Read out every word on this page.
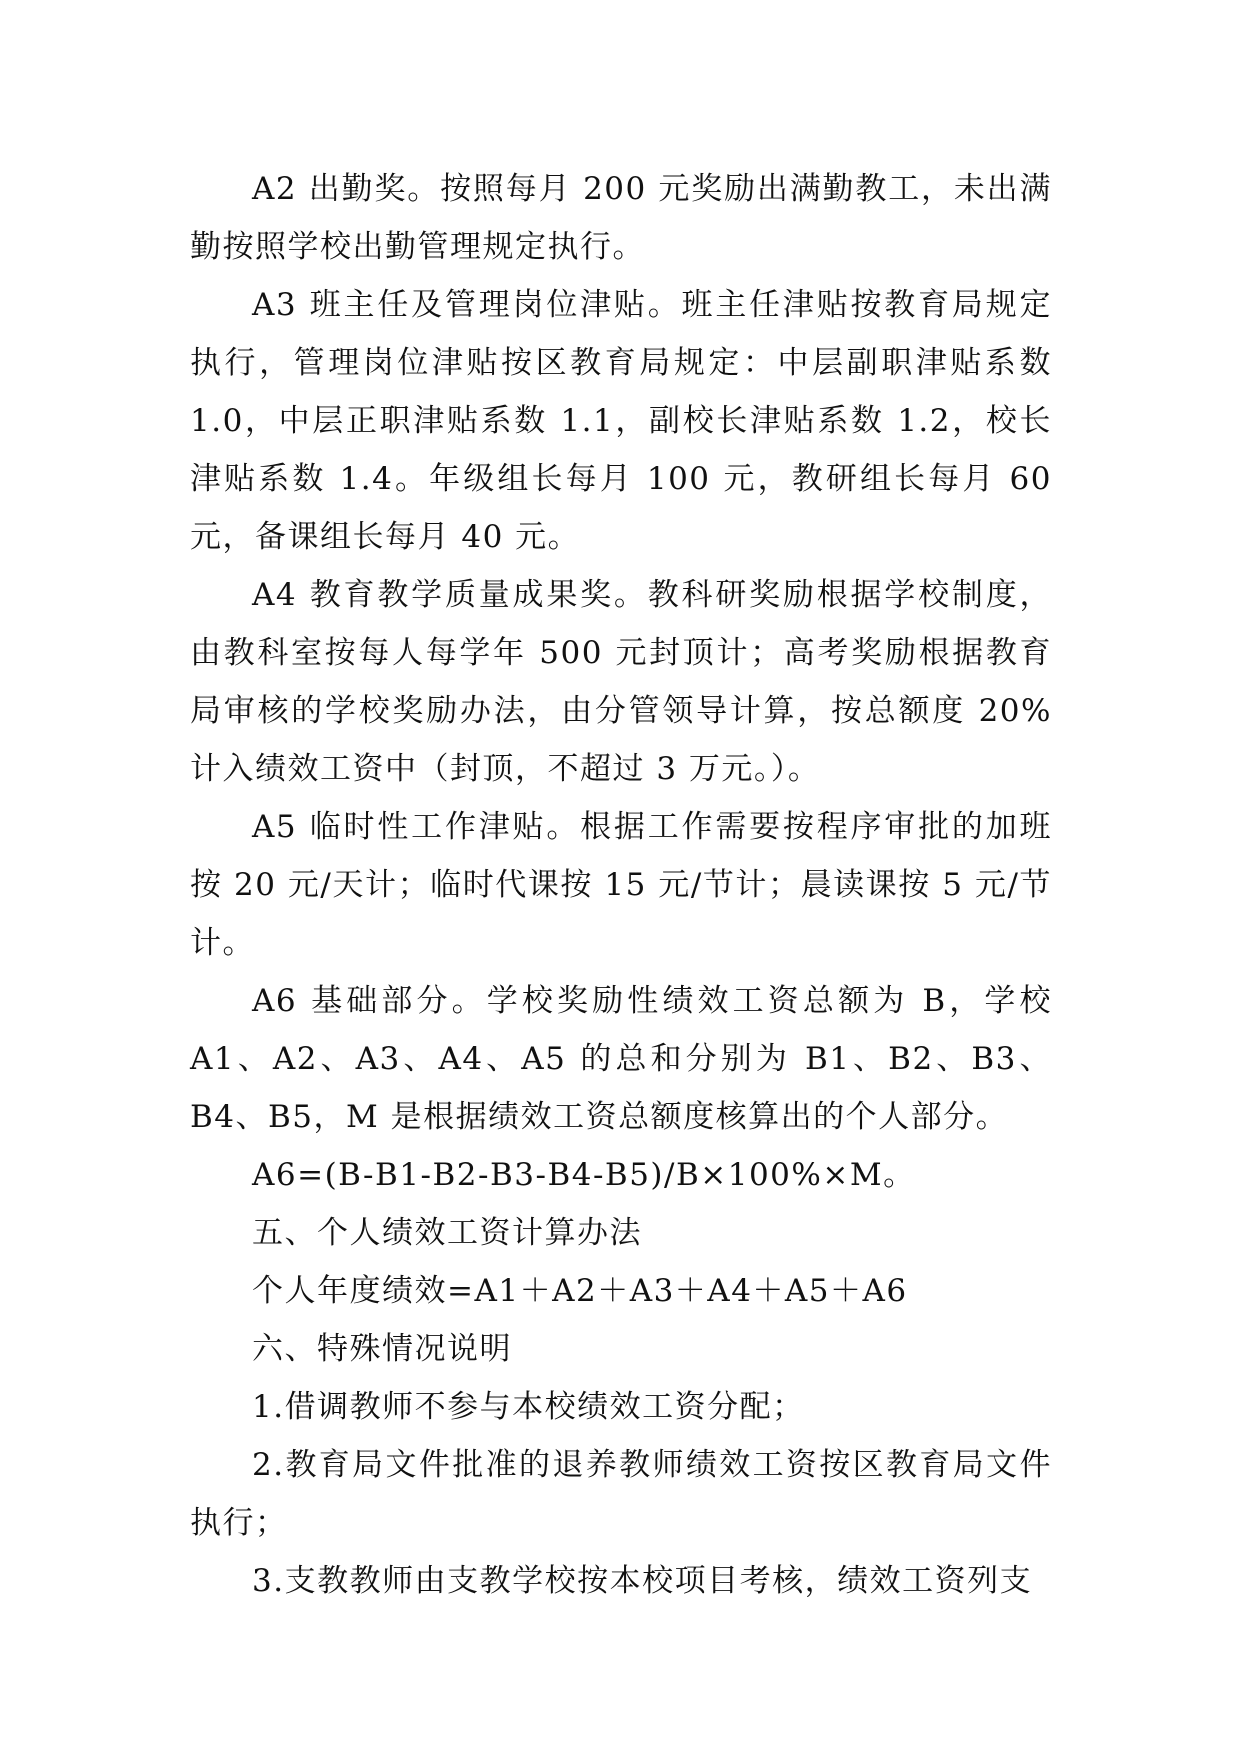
A2 出勤奖。按照每月 200 元奖励出满勤教工，未出满勤按照学校出勤管理规定执行。

A3 班主任及管理岗位津贴。班主任津贴按教育局规定执行，管理岗位津贴按区教育局规定：中层副职津贴系数 1.0，中层正职津贴系数 1.1，副校长津贴系数 1.2，校长津贴系数 1.4。年级组长每月 100 元，教研组长每月 60 元，备课组长每月 40 元。

A4 教育教学质量成果奖。教科研奖励根据学校制度，由教科室按每人每学年 500 元封顶计；高考奖励根据教育局审核的学校奖励办法，由分管领导计算，按总额度 20%计入绩效工资中（封顶，不超过 3 万元。）。

A5 临时性工作津贴。根据工作需要按程序审批的加班按 20 元/天计；临时代课按 15 元/节计；晨读课按 5 元/节计。

A6 基础部分。学校奖励性绩效工资总额为 B，学校 A1、A2、A3、A4、A5 的总和分别为 B1、B2、B3、B4、B5，M 是根据绩效工资总额度核算出的个人部分。

A6=(B-B1-B2-B3-B4-B5)/B×100%×M。

五、个人绩效工资计算办法

个人年度绩效=A1＋A2＋A3＋A4＋A5＋A6

六、特殊情况说明

1.借调教师不参与本校绩效工资分配；

2.教育局文件批准的退养教师绩效工资按区教育局文件执行；

3.支教教师由支教学校按本校项目考核，绩效工资列支
